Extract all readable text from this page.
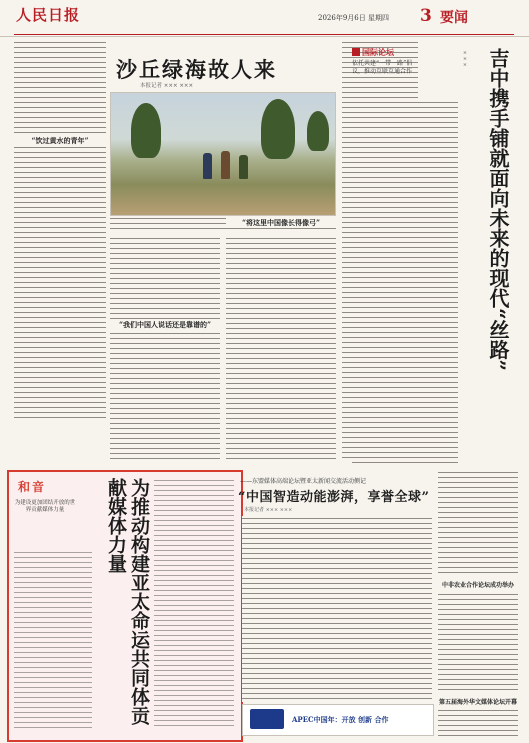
人民日报	2026年9月6日 星期四 3 要闻
“饮过黄水的青年”
沙丘绿海故人来
本报记者 ××× ×××
“我们中国人说话还是靠谱的”
“将这里中国像长得像弓”
国际论坛
依托共建“一带一路”倡议，推动互联互通合作	吉中携手铺就面向未来的现代“丝路”
×××
和音
为建设更加团结开放的世界贡献媒体力量	为推动构建亚太命运共同体贡献媒体力量	——东盟媒体高端论坛暨亚太新闻交流活动侧记
“中国智造动能澎湃，享誉全球”
本报记者 ××× ×××
APEC中国年：开放 创新 合作
中非农业合作论坛成功举办
第五届海外华文媒体论坛开幕
